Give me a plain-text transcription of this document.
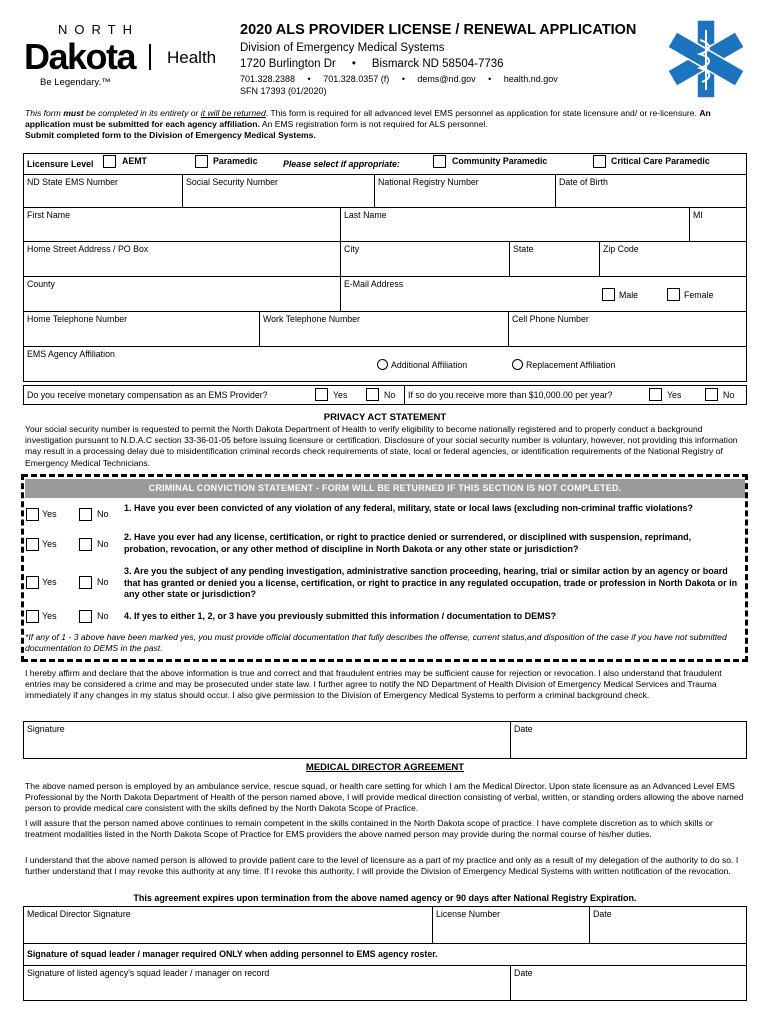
NORTH
Dakota Health
Be Legendary.™
2020 ALS PROVIDER LICENSE / RENEWAL APPLICATION
Division of Emergency Medical Systems
1720 Burlington Dr     •     Bismarck ND 58504-7736
701.328.2388     •     701.328.0357 (f)     •     dems@nd.gov     •     health.nd.gov
SFN 17393 (01/2020)
This form must be completed in its entirety or it will be returned. This form is required for all advanced level EMS personnel as application for state licensure and/ or re-licensure. An application must be submitted for each agency affiliation. An EMS registration form is not required for ALS personnel.
Submit completed form to the Division of Emergency Medical Systems.
Licensure Level	AEMT	Paramedic	Please select if appropriate:	Community Paramedic	Critical Care Paramedic
ND State EMS Number	Social Security Number	National Registry Number	Date of Birth
First Name	Last Name	MI
Home Street Address / PO Box	City	State	Zip Code
County	E-Mail Address
Male	Female
Home Telephone Number	Work Telephone Number	Cell Phone Number
EMS Agency Affiliation
Additional Affiliation	Replacement Affiliation
Do you receive monetary compensation as an EMS Provider?	Yes	No If so do you receive more than $10,000.00 per year?	Yes	No
PRIVACY ACT STATEMENT
Your social security number is requested to permit the North Dakota Department of Health to verify eligibility to become nationally registered and to properly conduct a background investigation pursuant to N.D.A.C section 33-36-01-05 before issuing licensure or certification. Disclosure of your social security number is voluntary, however, not providing this information may result in a processing delay due to misidentification criminal records check requirements of state, local or federal agencies, or identification requirements of the National Registry of Emergency Medical Technicians.
CRIMINAL CONVICTION STATEMENT - FORM WILL BE RETURNED IF THIS SECTION IS NOT COMPLETED.
Yes	No
1. Have you ever been convicted of any violation of any federal, military, state or local laws (excluding non-criminal traffic violations?
Yes	No
2. Have you ever had any license, certification, or right to practice denied or surrendered, or disciplined with suspension, reprimand, probation, revocation, or any other method of discipline in North Dakota or any other state or jurisdiction?
Yes	No
3. Are you the subject of any pending investigation, administrative sanction proceeding, hearing, trial or similar action by an agency or board that has granted or denied you a license, certification, or right to practice in any regulated occupation, trade or profession in North Dakota or in any other state or jurisdiction?
Yes	No 4. If yes to either 1, 2, or 3 have you previously submitted this information / documentation to DEMS?
*If any of 1 - 3 above have been marked yes, you must provide official documentation that fully describes the offense, current status,and disposition of the case if you have not submitted documentation to DEMS in the past.
I hereby affirm and declare that the above information is true and correct and that fraudulent entries may be sufficient cause for rejection or revocation. I also understand that fraudulent entries may be considered a crime and may be prosecuted under state law. I further agree to notify the ND Department of Health Division of Emergency Medical Services and Trauma immediately if any changes in my status should occur. I also give permission to the Division of Emergency Medical Systems to perform a criminal background check.
Signature	Date
MEDICAL DIRECTOR AGREEMENT
The above named person is employed by an ambulance service, rescue squad, or health care setting for which I am the Medical Director. Upon state licensure as an Advanced Level EMS Professional by the North Dakota Department of Health of the person named above, I will provide medical direction consisting of verbal, written, or standing orders allowing the above named person to provide medical care consistent with the skills defined by the North Dakota Scope of Practice.
I will assure that the person named above continues to remain competent in the skills contained in the North Dakota scope of practice. I have complete discretion as to which skills or treatment modalities listed in the North Dakota Scope of Practice for EMS providers the above named person may provide during the normal course of his/her duties.
I understand that the above named person is allowed to provide patient care to the level of licensure as a part of my practice and only as a result of my delegation of the authority to do so. I further understand that I may revoke this authority at any time. If I revoke this authority, I will provide the Division of Emergency Medical Systems with written notification of the revocation.
This agreement expires upon termination from the above named agency or 90 days after National Registry Expiration.
Medical Director Signature	License Number	Date
Signature of squad leader / manager required ONLY when adding personnel to EMS agency roster.
Signature of listed agency's squad leader / manager on record	Date
